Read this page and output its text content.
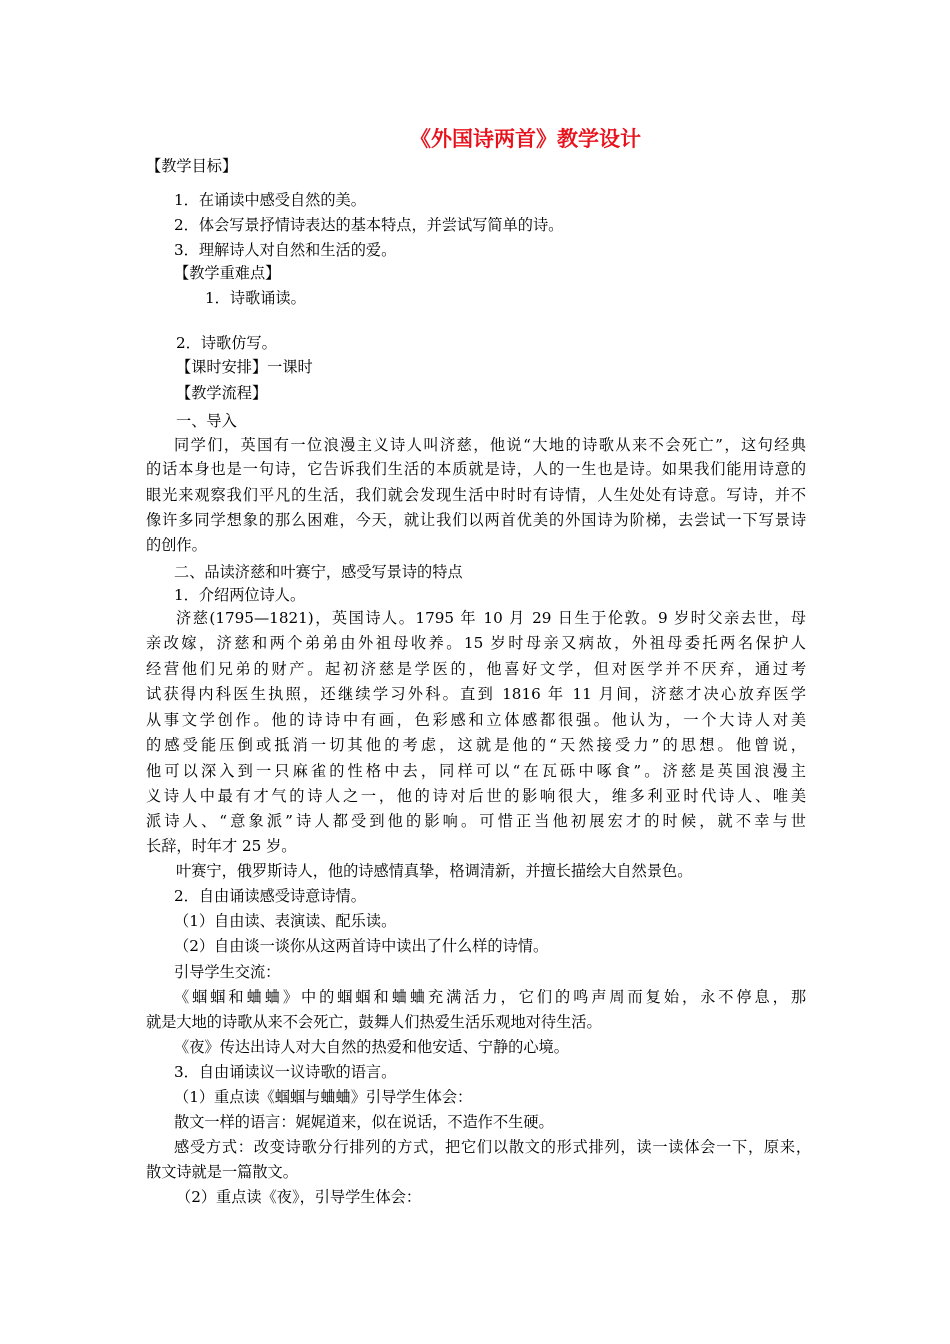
《外国诗两首》教学设计
【教学目标】
1．在诵读中感受自然的美。
2．体会写景抒情诗表达的基本特点，并尝试写简单的诗。
3．理解诗人对自然和生活的爱。
【教学重难点】
1．诗歌诵读。
2．诗歌仿写。
【课时安排】一课时
【教学流程】
一、导入
同学们，英国有一位浪漫主义诗人叫济慈，他说“大地的诗歌从来不会死亡”，这句经典
的话本身也是一句诗，它告诉我们生活的本质就是诗，人的一生也是诗。如果我们能用诗意的
眼光来观察我们平凡的生活，我们就会发现生活中时时有诗情，人生处处有诗意。写诗，并不
像许多同学想象的那么困难，今天，就让我们以两首优美的外国诗为阶梯，去尝试一下写景诗
的创作。
二、品读济慈和叶赛宁，感受写景诗的特点
1．介绍两位诗人。
济慈(1795—1821)，英国诗人。1795 年 10 月 29 日生于伦敦。9 岁时父亲去世，母
亲改嫁，济慈和两个弟弟由外祖母收养。15 岁时母亲又病故，外祖母委托两名保护人
经营他们兄弟的财产。起初济慈是学医的，他喜好文学，但对医学并不厌弃，通过考
试获得内科医生执照，还继续学习外科。直到 1816 年 11 月间，济慈才决心放弃医学
从事文学创作。他的诗诗中有画，色彩感和立体感都很强。他认为，一个大诗人对美
的感受能压倒或抵消一切其他的考虑，这就是他的“天然接受力”的思想。他曾说，
他可以深入到一只麻雀的性格中去，同样可以“在瓦砾中啄食”。济慈是英国浪漫主
义诗人中最有才气的诗人之一，他的诗对后世的影响很大，维多利亚时代诗人、唯美
派诗人、“意象派”诗人都受到他的影响。可惜正当他初展宏才的时候，就不幸与世
长辞，时年才 25 岁。
叶赛宁，俄罗斯诗人，他的诗感情真挚，格调清新，并擅长描绘大自然景色。
2．自由诵读感受诗意诗情。
（1）自由读、表演读、配乐读。
（2）自由谈一谈你从这两首诗中读出了什么样的诗情。
引导学生交流：
《蝈蝈和蛐蛐》中的蝈蝈和蛐蛐充满活力，它们的鸣声周而复始，永不停息，那
就是大地的诗歌从来不会死亡，鼓舞人们热爱生活乐观地对待生活。
《夜》传达出诗人对大自然的热爱和他安适、宁静的心境。
3．自由诵读议一议诗歌的语言。
（1）重点读《蝈蝈与蛐蛐》引导学生体会：
散文一样的语言：娓娓道来，似在说话，不造作不生硬。
感受方式：改变诗歌分行排列的方式，把它们以散文的形式排列，读一读体会一下，原来，
散文诗就是一篇散文。
（2）重点读《夜》，引导学生体会：
